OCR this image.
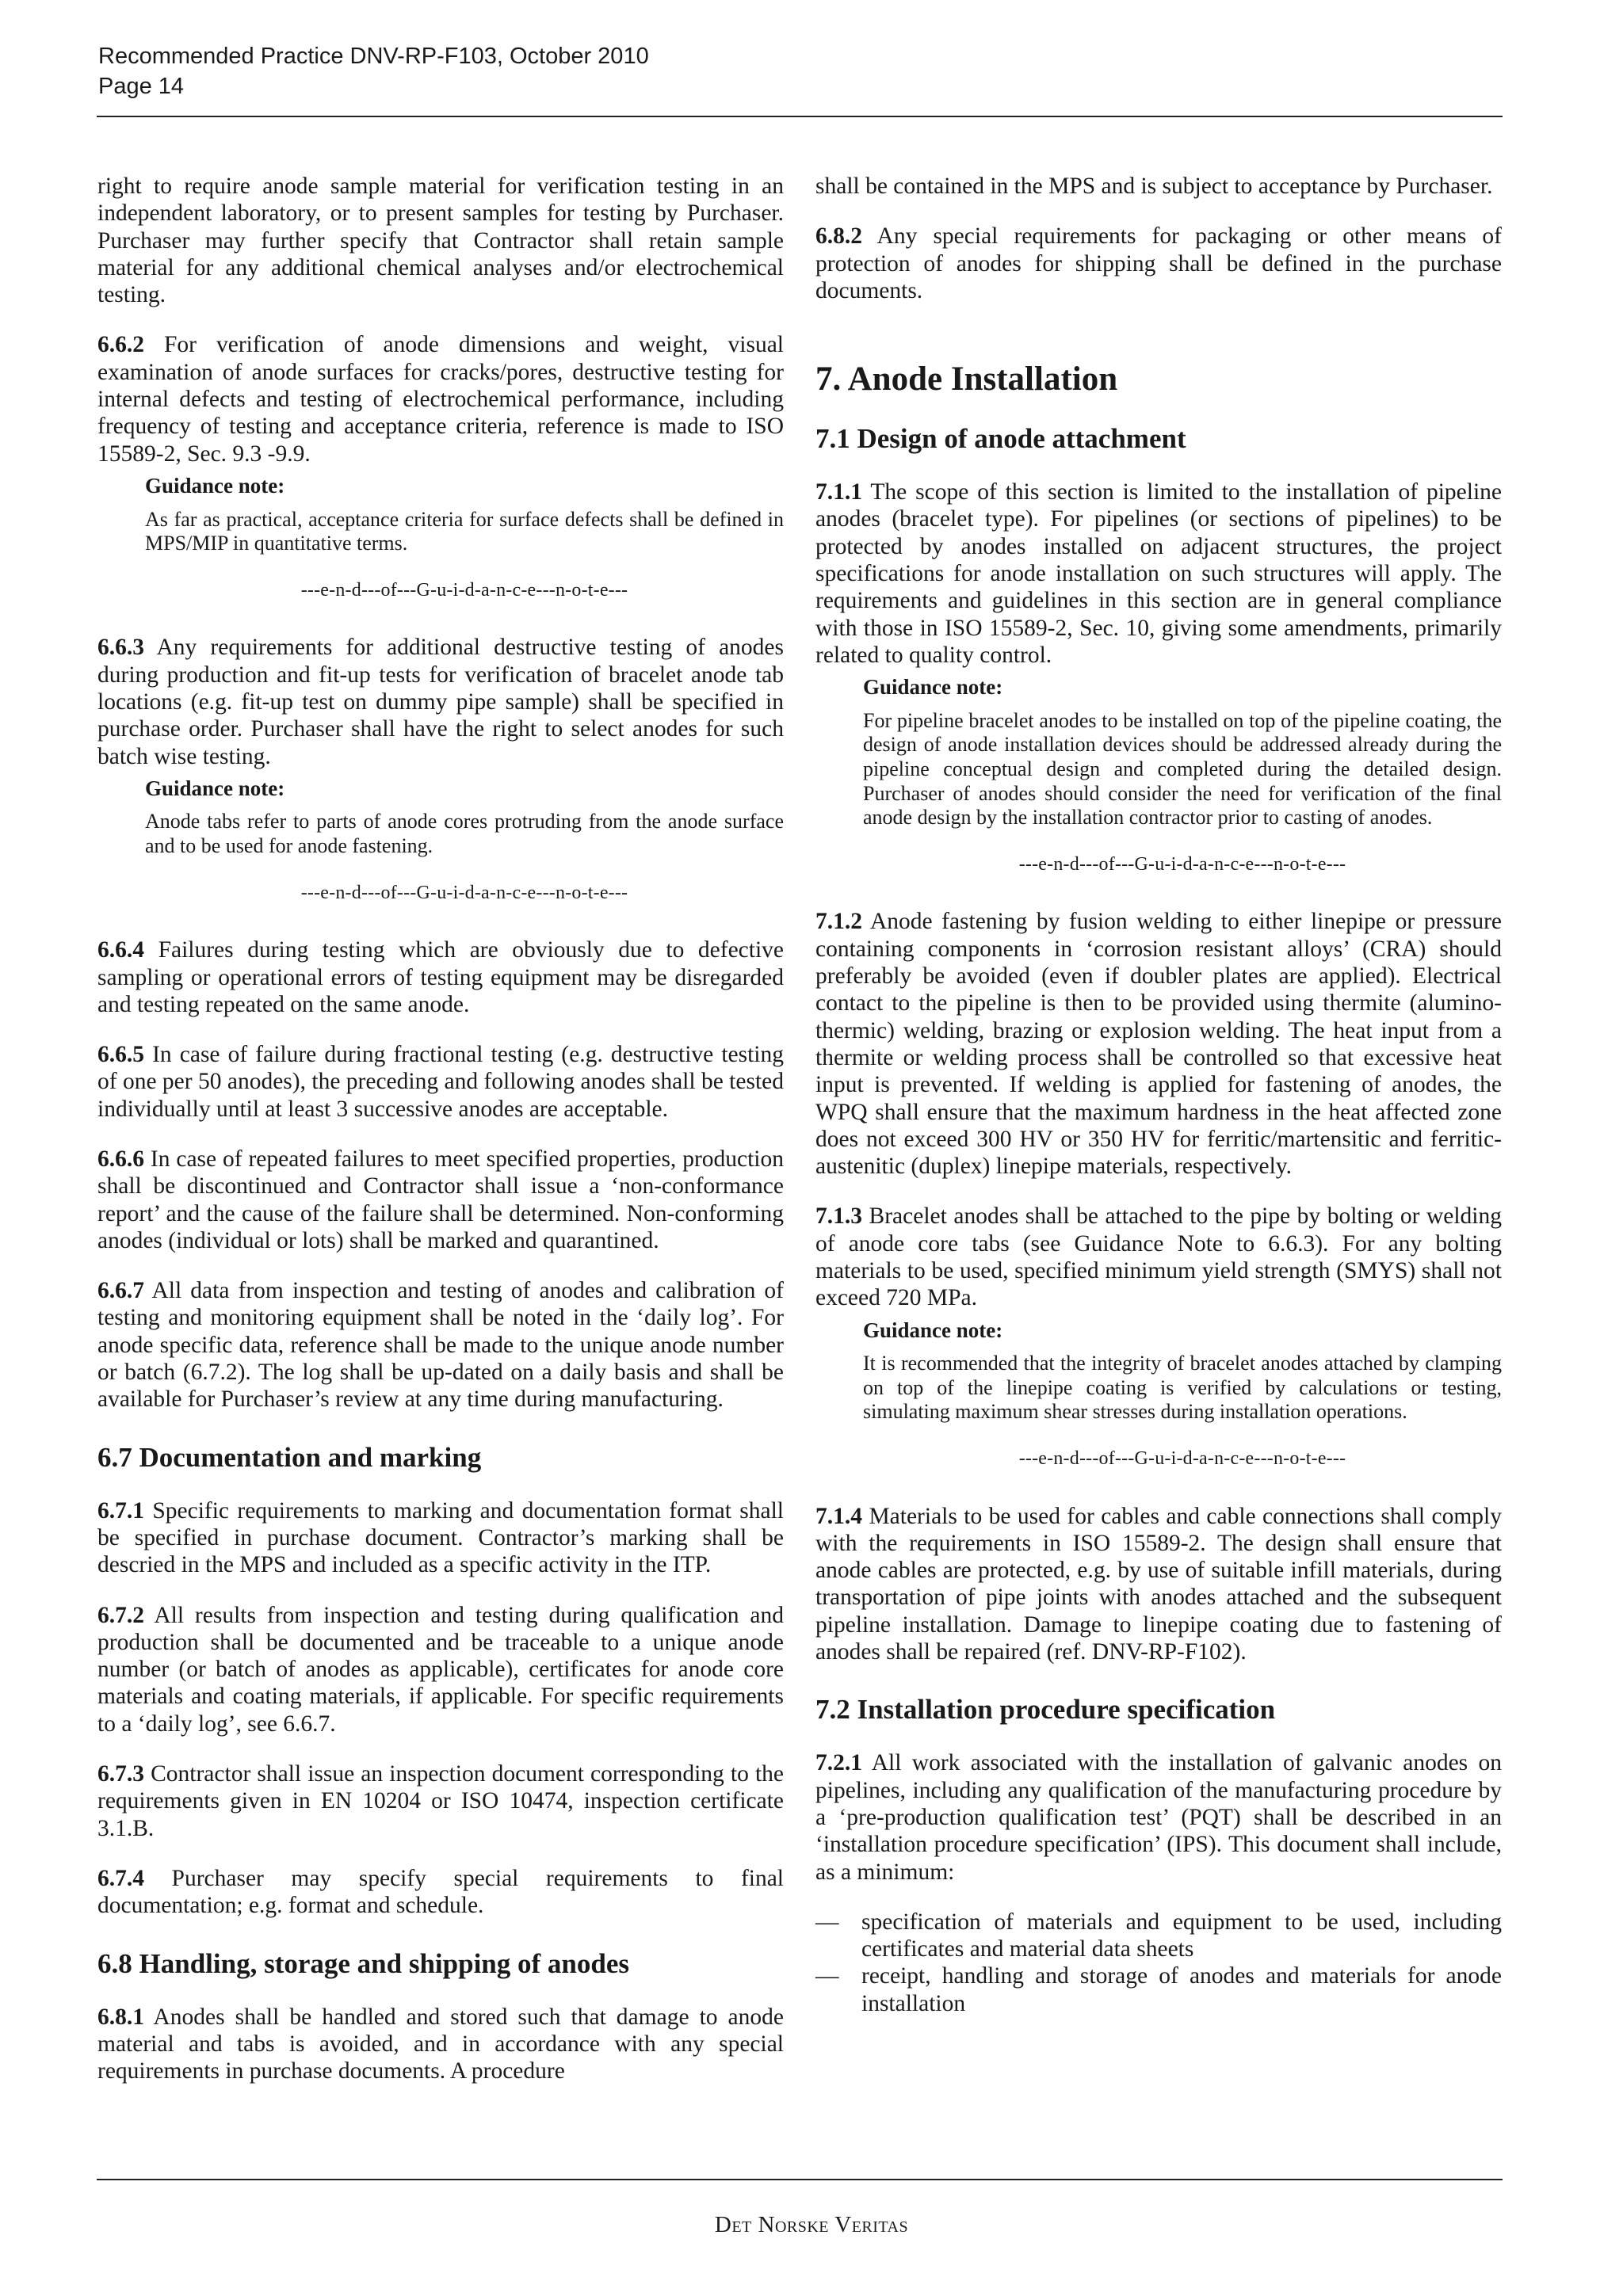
Recommended Practice DNV-RP-F103, October 2010
Page 14

right to require anode sample material for verification testing in an independent laboratory, or to present samples for testing by Purchaser. Purchaser may further specify that Contractor shall retain sample material for any additional chemical analyses and/or electrochemical testing.

6.6.2 For verification of anode dimensions and weight, visual examination of anode surfaces for cracks/pores, destructive testing for internal defects and testing of electrochemical performance, including frequency of testing and acceptance criteria, reference is made to ISO 15589-2, Sec. 9.3 -9.9.

Guidance note:
As far as practical, acceptance criteria for surface defects shall be defined in MPS/MIP in quantitative terms.
---e-n-d---of---G-u-i-d-a-n-c-e---n-o-t-e---

6.6.3 Any requirements for additional destructive testing of anodes during production and fit-up tests for verification of bracelet anode tab locations (e.g. fit-up test on dummy pipe sample) shall be specified in purchase order. Purchaser shall have the right to select anodes for such batch wise testing.

Guidance note:
Anode tabs refer to parts of anode cores protruding from the anode surface and to be used for anode fastening.
---e-n-d---of---G-u-i-d-a-n-c-e---n-o-t-e---

6.6.4 Failures during testing which are obviously due to defective sampling or operational errors of testing equipment may be disregarded and testing repeated on the same anode.

6.6.5 In case of failure during fractional testing (e.g. destructive testing of one per 50 anodes), the preceding and following anodes shall be tested individually until at least 3 successive anodes are acceptable.

6.6.6 In case of repeated failures to meet specified properties, production shall be discontinued and Contractor shall issue a ‘non-conformance report’ and the cause of the failure shall be determined. Non-conforming anodes (individual or lots) shall be marked and quarantined.

6.6.7 All data from inspection and testing of anodes and calibration of testing and monitoring equipment shall be noted in the ‘daily log’. For anode specific data, reference shall be made to the unique anode number or batch (6.7.2). The log shall be up-dated on a daily basis and shall be available for Purchaser’s review at any time during manufacturing.

6.7 Documentation and marking

6.7.1 Specific requirements to marking and documentation format shall be specified in purchase document. Contractor’s marking shall be descried in the MPS and included as a specific activity in the ITP.

6.7.2 All results from inspection and testing during qualification and production shall be documented and be traceable to a unique anode number (or batch of anodes as applicable), certificates for anode core materials and coating materials, if applicable. For specific requirements to a ‘daily log’, see 6.6.7.

6.7.3 Contractor shall issue an inspection document corresponding to the requirements given in EN 10204 or ISO 10474, inspection certificate 3.1.B.

6.7.4 Purchaser may specify special requirements to final documentation; e.g. format and schedule.

6.8 Handling, storage and shipping of anodes

6.8.1 Anodes shall be handled and stored such that damage to anode material and tabs is avoided, and in accordance with any special requirements in purchase documents. A procedure

shall be contained in the MPS and is subject to acceptance by Purchaser.

6.8.2 Any special requirements for packaging or other means of protection of anodes for shipping shall be defined in the purchase documents.

7. Anode Installation
7.1 Design of anode attachment

7.1.1 The scope of this section is limited to the installation of pipeline anodes (bracelet type). For pipelines (or sections of pipelines) to be protected by anodes installed on adjacent structures, the project specifications for anode installation on such structures will apply. The requirements and guidelines in this section are in general compliance with those in ISO 15589-2, Sec. 10, giving some amendments, primarily related to quality control.

Guidance note:
For pipeline bracelet anodes to be installed on top of the pipeline coating, the design of anode installation devices should be addressed already during the pipeline conceptual design and completed during the detailed design. Purchaser of anodes should consider the need for verification of the final anode design by the installation contractor prior to casting of anodes.
---e-n-d---of---G-u-i-d-a-n-c-e---n-o-t-e---

7.1.2 Anode fastening by fusion welding to either linepipe or pressure containing components in ‘corrosion resistant alloys’ (CRA) should preferably be avoided (even if doubler plates are applied). Electrical contact to the pipeline is then to be provided using thermite (alumino-thermic) welding, brazing or explosion welding. The heat input from a thermite or welding process shall be controlled so that excessive heat input is prevented. If welding is applied for fastening of anodes, the WPQ shall ensure that the maximum hardness in the heat affected zone does not exceed 300 HV or 350 HV for ferritic/martensitic and ferritic-austenitic (duplex) linepipe materials, respectively.

7.1.3 Bracelet anodes shall be attached to the pipe by bolting or welding of anode core tabs (see Guidance Note to 6.6.3). For any bolting materials to be used, specified minimum yield strength (SMYS) shall not exceed 720 MPa.

Guidance note:
It is recommended that the integrity of bracelet anodes attached by clamping on top of the linepipe coating is verified by calculations or testing, simulating maximum shear stresses during installation operations.
---e-n-d---of---G-u-i-d-a-n-c-e---n-o-t-e---

7.1.4 Materials to be used for cables and cable connections shall comply with the requirements in ISO 15589-2. The design shall ensure that anode cables are protected, e.g. by use of suitable infill materials, during transportation of pipe joints with anodes attached and the subsequent pipeline installation. Damage to linepipe coating due to fastening of anodes shall be repaired (ref. DNV-RP-F102).

7.2 Installation procedure specification

7.2.1 All work associated with the installation of galvanic anodes on pipelines, including any qualification of the manufacturing procedure by a ‘pre-production qualification test’ (PQT) shall be described in an ‘installation procedure specification’ (IPS). This document shall include, as a minimum:

— specification of materials and equipment to be used, including certificates and material data sheets
— receipt, handling and storage of anodes and materials for anode installation
Det Norske Veritas
